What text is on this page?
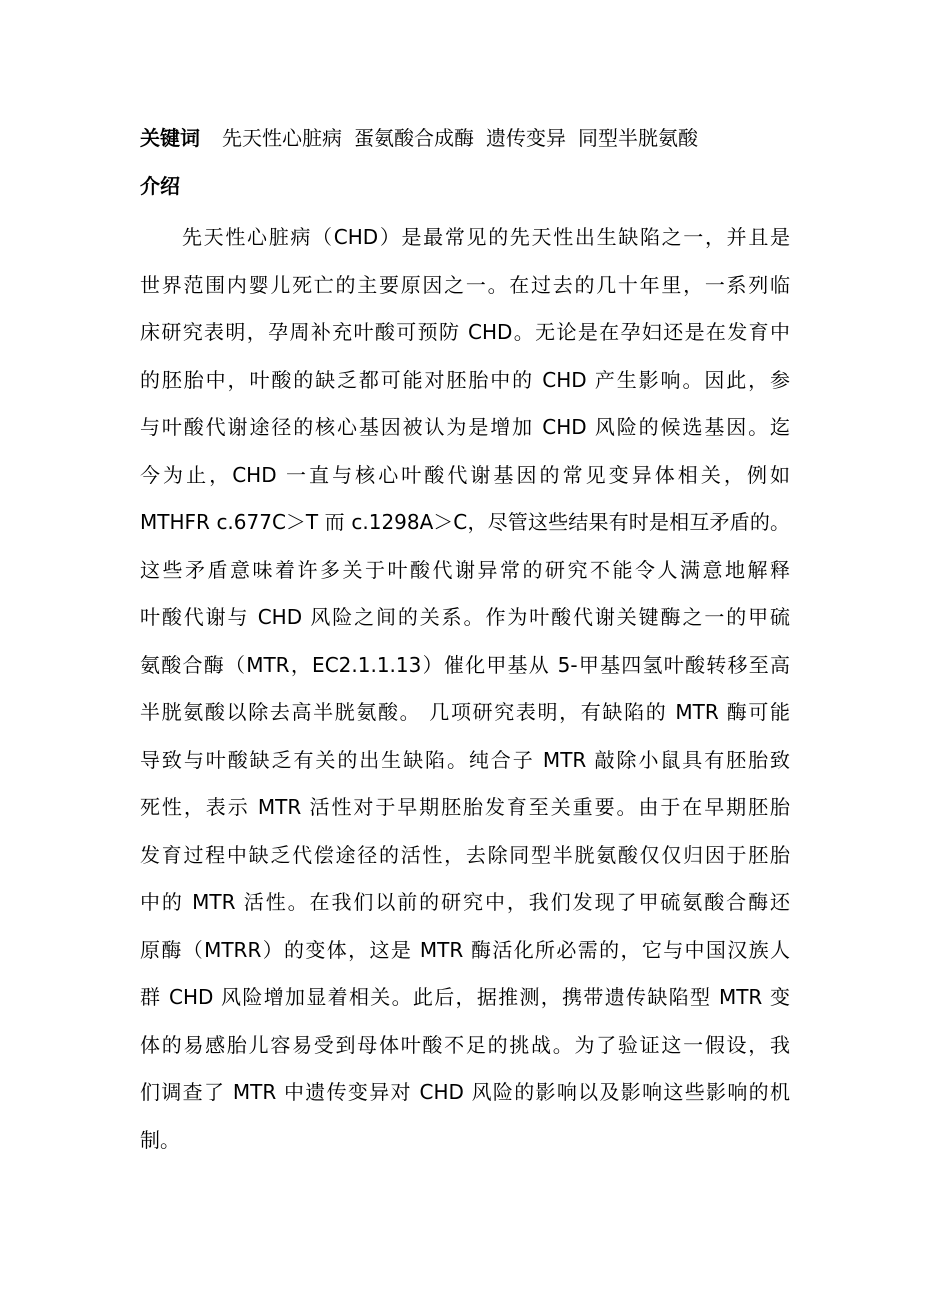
关键词 先天性心脏病 蛋氨酸合成酶 遗传变异 同型半胱氨酸
介绍
先天性心脏病（CHD）是最常见的先天性出生缺陷之一，并且是
世界范围内婴儿死亡的主要原因之一。在过去的几十年里，一系列临
床研究表明，孕周补充叶酸可预防 CHD。无论是在孕妇还是在发育中
的胚胎中，叶酸的缺乏都可能对胚胎中的 CHD 产生影响。因此，参
与叶酸代谢途径的核心基因被认为是增加 CHD 风险的候选基因。迄
今为止，CHD 一直与核心叶酸代谢基因的常见变异体相关，例如
MTHFR c.677C＞T 而 c.1298A＞C，尽管这些结果有时是相互矛盾的。
这些矛盾意味着许多关于叶酸代谢异常的研究不能令人满意地解释
叶酸代谢与 CHD 风险之间的关系。作为叶酸代谢关键酶之一的甲硫
氨酸合酶（MTR，EC2.1.1.13）催化甲基从 5-甲基四氢叶酸转移至高
半胱氨酸以除去高半胱氨酸。 几项研究表明，有缺陷的 MTR 酶可能
导致与叶酸缺乏有关的出生缺陷。纯合子 MTR 敲除小鼠具有胚胎致
死性，表示 MTR 活性对于早期胚胎发育至关重要。由于在早期胚胎
发育过程中缺乏代偿途径的活性，去除同型半胱氨酸仅仅归因于胚胎
中的 MTR 活性。在我们以前的研究中，我们发现了甲硫氨酸合酶还
原酶（MTRR）的变体，这是 MTR 酶活化所必需的，它与中国汉族人
群 CHD 风险增加显着相关。此后，据推测，携带遗传缺陷型 MTR 变
体的易感胎儿容易受到母体叶酸不足的挑战。为了验证这一假设，我
们调查了 MTR 中遗传变异对 CHD 风险的影响以及影响这些影响的机
制。
